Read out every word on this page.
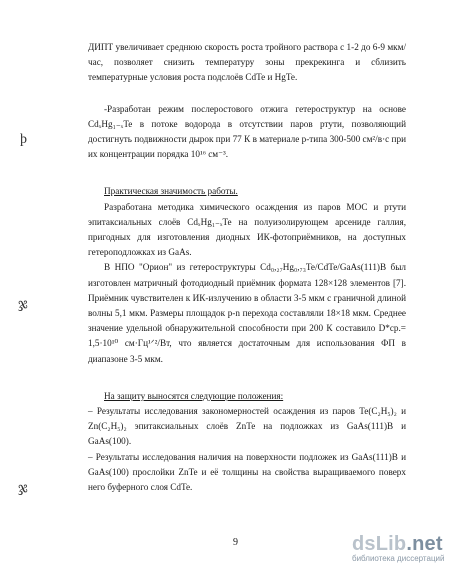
ДИПТ увеличивает среднюю скорость роста тройного раствора с 1-2 до 6-9 мкм/час, позволяет снизить температуру зоны прекрекинга и сблизить температурные условия роста подслоёв CdTe и HgTe.

-Разработан режим послеростового отжига гетероструктур на основе CdₓHg₁₋ₓTe в потоке водорода в отсутствии паров ртути, позволяющий достигнуть подвижности дырок при 77 К в материале р-типа 300-500 см²/в·с при их концентрации порядка 10¹⁶ см⁻³.

Практическая значимость работы.

Разработана методика химического осаждения из паров МОС и ртути эпитаксиальных слоёв CdₓHg₁₋ₓTe на полуизолирующем арсениде галлия, пригодных для изготовления диодных ИК-фотоприёмников, на доступных гетероподложках из GaAs.

В НПО "Орион" из гетероструктуры Cd₀,₂₇Hg₀,₇₃Te/CdTe/GaAs(111)B был изготовлен матричный фотодиодный приёмник формата 128×128 элементов [7]. Приёмник чувствителен к ИК-излучению в области 3-5 мкм с граничной длиной волны 5,1 мкм. Размеры площадок p-n перехода составляли 18×18 мкм. Среднее значение удельной обнаружительной способности при 200 К составило D*ср.= 1,5·10¹⁰ см·Гц¹ᐟ²/Вт, что является достаточным для использования ФП в диапазоне 3-5 мкм.

На защиту выносятся следующие положения:

– Результаты исследования закономерностей осаждения из паров Te(C₂H₅)₂ и Zn(C₂H₅)₂ эпитаксиальных слоёв ZnTe на подложках из GaAs(111)B и GaAs(100).

– Результаты исследования наличия на поверхности подложек из GaAs(111)B и GaAs(100) прослойки ZnTe и её толщины на свойства выращиваемого поверх него буферного слоя CdTe.

ϸ
ჯ
ჯ
9	dsLib.net
библиотека диссертаций
